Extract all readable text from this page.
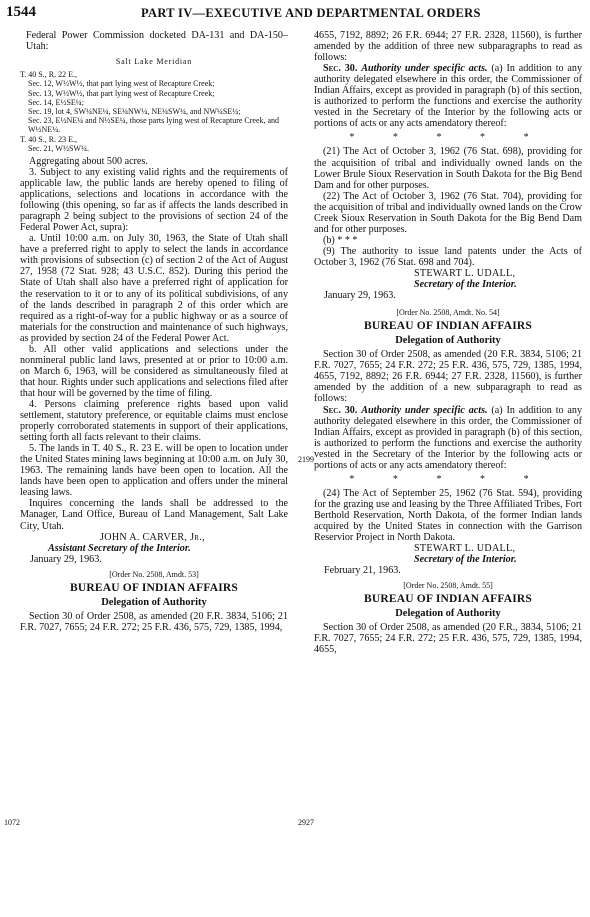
1544	PART IV—EXECUTIVE AND DEPARTMENTAL ORDERS

Federal Power Commission docketed DA-131 and DA-150–Utah:

Salt Lake Meridian

T. 40 S., R. 22 E.,
Sec. 12, W½W½, that part lying west of Recapture Creek;
Sec. 13, W½W½, that part lying west of Recapture Creek;
Sec. 14, E½SE¼;
Sec. 19, lot 4, SW¼NE¼, SE¼NW¼, NE¼SW¼, and NW¼SE¼;
Sec. 23, E½NE¼ and N½SE¼, those parts lying west of Recapture Creek, and W½NE¼.
T. 40 S., R. 23 E.,
Sec. 21, W½SW¼.

Aggregating about 500 acres.

3. Subject to any existing valid rights and the requirements of applicable law, the public lands are hereby opened to filing of applications, selections and locations in accordance with the following (this opening, so far as if affects the lands described in paragraph 2 being subject to the provisions of section 24 of the Federal Power Act, supra):

a. Until 10:00 a.m. on July 30, 1963, the State of Utah shall have a preferred right to apply to select the lands in accordance with provisions of subsection (c) of section 2 of the Act of August 27, 1958 (72 Stat. 928; 43 U.S.C. 852). During this period the State of Utah shall also have a preferred right of application for the reservation to it or to any of its political subdivisions, of any of the lands described in paragraph 2 of this order which are required as a right-of-way for a public highway or as a source of materials for the construction and maintenance of such highways, as provided by section 24 of the Federal Power Act.

b. All other valid applications and selections under the nonmineral public land laws, presented at or prior to 10:00 a.m. on March 6, 1963, will be considered as simultaneously filed at that hour. Rights under such applications and selections filed after that hour will be governed by the time of filing.

4. Persons claiming preference rights based upon valid settlement, statutory preference, or equitable claims must enclose properly corroborated statements in support of their applications, setting forth all facts relevant to their claims.

5. The lands in T. 40 S., R. 23 E. will be open to location under the United States mining laws beginning at 10:00 a.m. on July 30, 1963. The remaining lands have been open to location. All the lands have been open to application and offers under the mineral leasing laws.

Inquires concerning the lands shall be addressed to the Manager, Land Office, Bureau of Land Management, Salt Lake City, Utah.

JOHN A. CARVER, Jr.,

Assistant Secretary of the Interior.

January 29, 1963.

[Order No. 2508, Amdt. 53]

BUREAU OF INDIAN AFFAIRS

Delegation of Authority

Section 30 of Order 2508, as amended (20 F.R. 3834, 5106; 21 F.R. 7027, 7655; 24 F.R. 272; 25 F.R. 436, 575, 729, 1385, 1994,

1072

4655, 7192, 8892; 26 F.R. 6944; 27 F.R. 2328, 11560), is further amended by the addition of three new subparagraphs to read as follows:

Sec. 30. Authority under specific acts. (a) In addition to any authority delegated elsewhere in this order, the Commissioner of Indian Affairs, except as provided in paragraph (b) of this section, is authorized to perform the functions and exercise the authority vested in the Secretary of the Interior by the following acts or portions of acts or any acts amendatory thereof:

* * * * *

(21) The Act of October 3, 1962 (76 Stat. 698), providing for the acquisition of tribal and individually owned lands on the Lower Brule Sioux Reservation in South Dakota for the Big Bend Dam and for other purposes.

(22) The Act of October 3, 1962 (76 Stat. 704), providing for the acquisition of tribal and individually owned lands on the Crow Creek Sioux Reservation in South Dakota for the Big Bend Dam and for other purposes.

(b) * * *

(9) The authority to issue land patents under the Acts of October 3, 1962 (76 Stat. 698 and 704).

STEWART L. UDALL,

Secretary of the Interior.

January 29, 1963.

[Order No. 2508, Amdt. No. 54]

BUREAU OF INDIAN AFFAIRS

Delegation of Authority

Section 30 of Order 2508, as amended (20 F.R. 3834, 5106; 21 F.R. 7027, 7655; 24 F.R. 272; 25 F.R. 436, 575, 729, 1385, 1994, 4655, 7192, 8892; 26 F.R. 6944; 27 F.R. 2328, 11560), is further amended by the addition of a new subparagraph to read as follows:

Sec. 30. Authority under specific acts. (a) In addition to any authority delegated elsewhere in this order, the Commissioner of Indian Affairs, except as provided in paragraph (b) of this section, is authorized to perform the functions and exercise the authority vested in the Secretary of the Interior by the following acts or portions of acts or any acts amendatory thereof:

* * * * *

(24) The Act of September 25, 1962 (76 Stat. 594), providing for the grazing use and leasing by the Three Affiliated Tribes, Fort Berthold Reservation, North Dakota, of the former Indian lands acquired by the United States in connection with the Garrison Reservior Project in North Dakota.

STEWART L. UDALL,

Secretary of the Interior.

February 21, 1963.

[Order No. 2508, Amdt. 55]

BUREAU OF INDIAN AFFAIRS

Delegation of Authority

Section 30 of Order 2508, as amended (20 F.R., 3834, 5106; 21 F.R. 7027, 7655; 24 F.R. 272; 25 F.R. 436, 575, 729, 1385, 1994, 4655,

2199
2927
